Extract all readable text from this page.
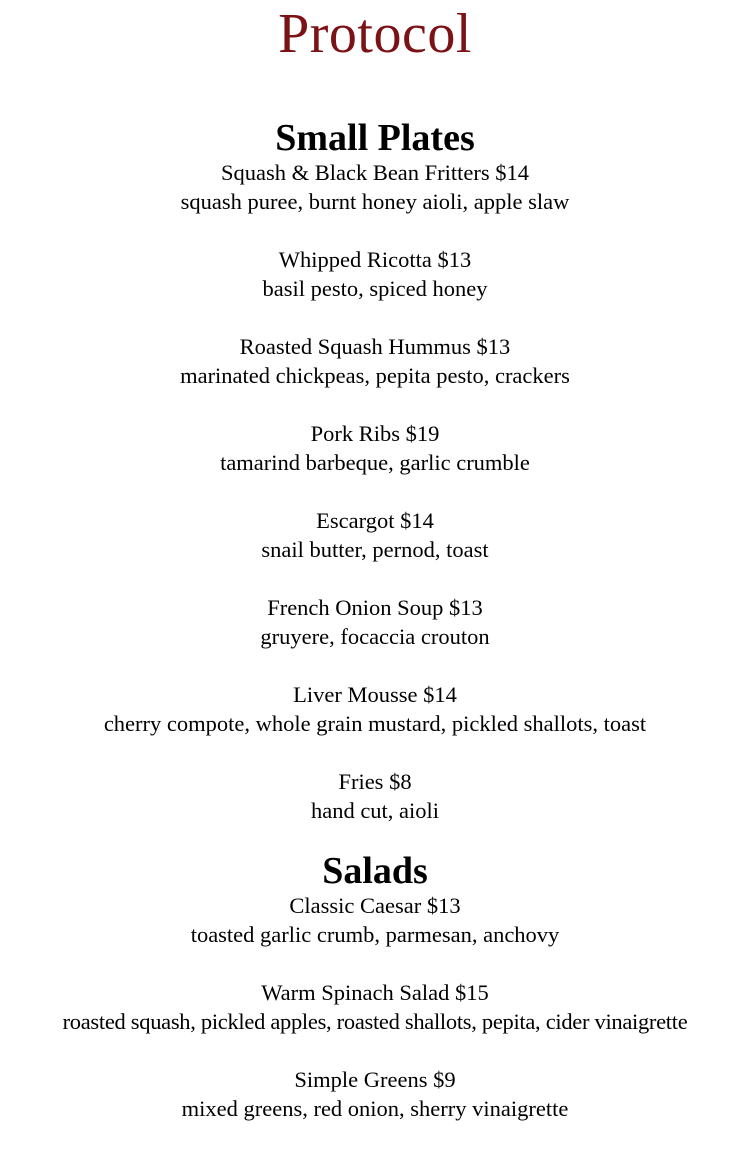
Protocol
Small Plates
Squash & Black Bean Fritters $14
squash puree, burnt honey aioli, apple slaw
Whipped Ricotta $13
basil pesto, spiced honey
Roasted Squash Hummus $13
marinated chickpeas, pepita pesto, crackers
Pork Ribs $19
tamarind barbeque, garlic crumble
Escargot $14
snail butter, pernod, toast
French Onion Soup $13
gruyere, focaccia crouton
Liver Mousse $14
cherry compote, whole grain mustard, pickled shallots, toast
Fries $8
hand cut, aioli
Salads
Classic Caesar $13
toasted garlic crumb, parmesan, anchovy
Warm Spinach Salad $15
roasted squash, pickled apples, roasted shallots, pepita, cider vinaigrette
Simple Greens $9
mixed greens, red onion, sherry vinaigrette
